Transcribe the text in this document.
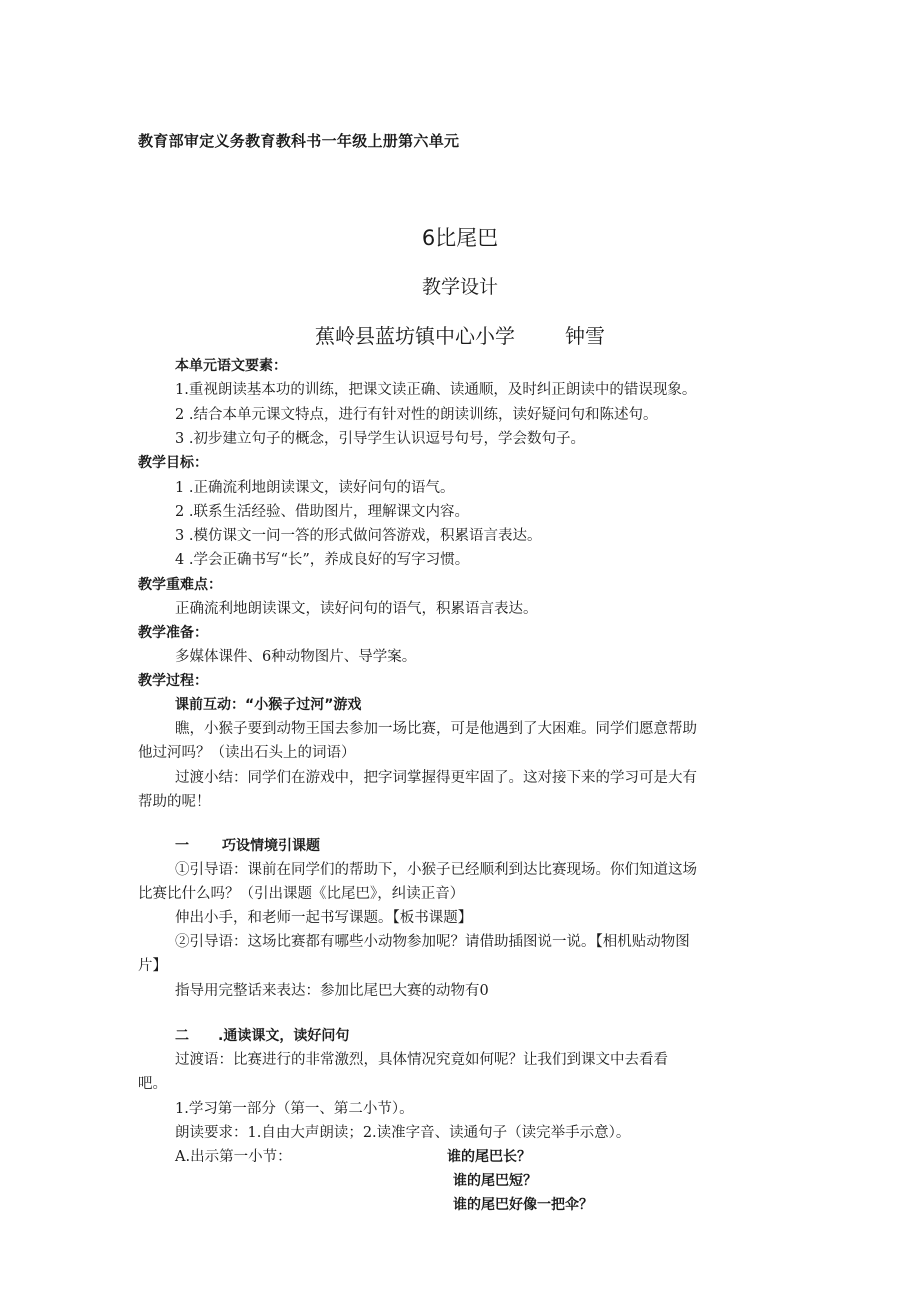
教育部审定义务教育教科书一年级上册第六单元
6比尾巴
教学设计
蕉岭县蓝坊镇中心小学	钟雪
本单元语文要素：
1.重视朗读基本功的训练，把课文读正确、读通顺，及时纠正朗读中的错误现象。
2 .结合本单元课文特点，进行有针对性的朗读训练，读好疑问句和陈述句。
3 .初步建立句子的概念，引导学生认识逗号句号，学会数句子。
教学目标：
1 .正确流利地朗读课文，读好问句的语气。
2 .联系生活经验、借助图片，理解课文内容。
3 .模仿课文一问一答的形式做问答游戏，积累语言表达。
4 .学会正确书写“长”，养成良好的写字习惯。
教学重难点：
正确流利地朗读课文，读好问句的语气，积累语言表达。
教学准备：
多媒体课件、6种动物图片、导学案。
教学过程：
课前互动：“小猴子过河”游戏
瞧，小猴子要到动物王国去参加一场比赛，可是他遇到了大困难。同学们愿意帮助
他过河吗？（读出石头上的词语）
过渡小结：同学们在游戏中，把字词掌握得更牢固了。这对接下来的学习可是大有
帮助的呢！
一 巧设情境引课题
①引导语：课前在同学们的帮助下，小猴子已经顺利到达比赛现场。你们知道这场
比赛比什么吗？（引出课题《比尾巴》，纠读正音）
伸出小手，和老师一起书写课题。【板书课题】
②引导语：这场比赛都有哪些小动物参加呢？请借助插图说一说。【相机贴动物图
片】
指导用完整话来表达：参加比尾巴大赛的动物有0
二 .通读课文，读好问句
过渡语：比赛进行的非常激烈，具体情况究竟如何呢？让我们到课文中去看看
吧。
1.学习第一部分（第一、第二小节）。
朗读要求：1.自由大声朗读；2.读准字音、读通句子（读完举手示意）。
A.出示第一小节：	谁的尾巴长？
谁的尾巴短？
谁的尾巴好像一把伞？
